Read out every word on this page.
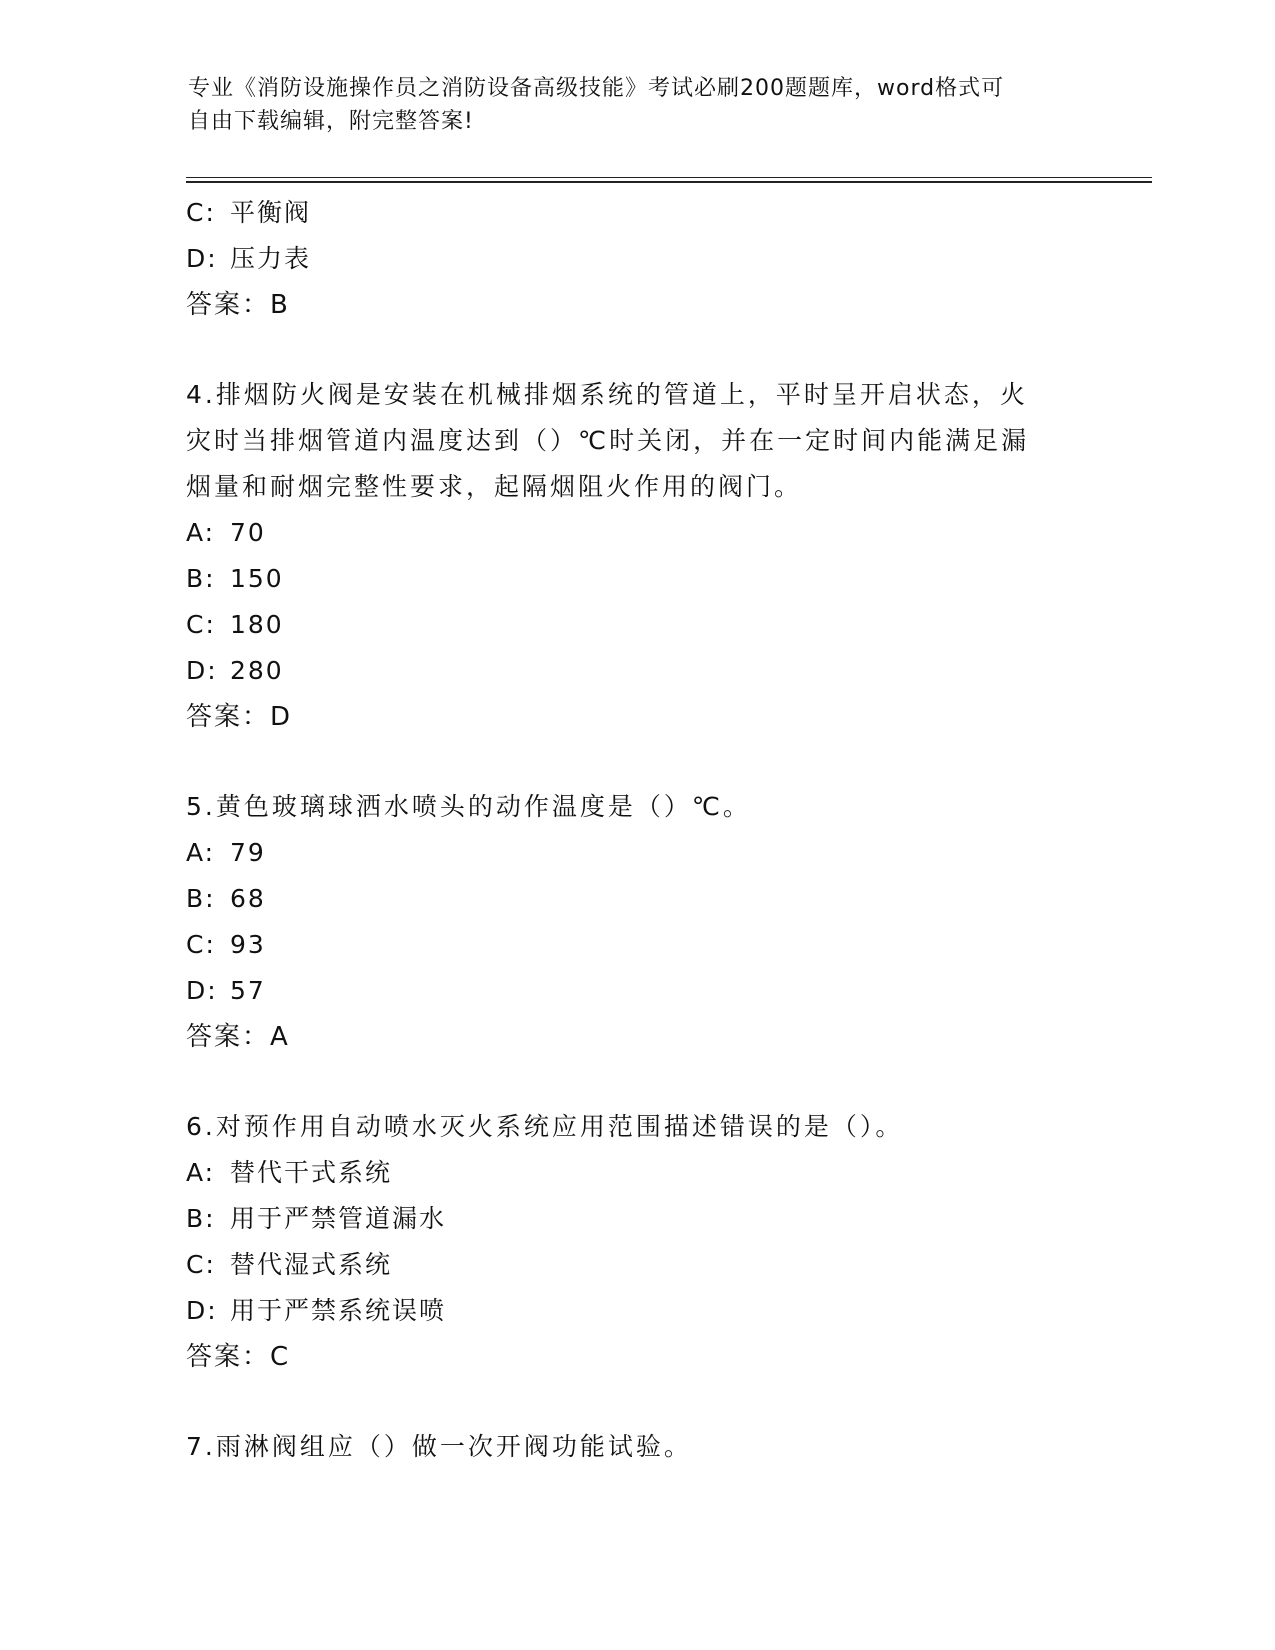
专业《消防设施操作员之消防设备高级技能》考试必刷200题题库，word格式可
自由下载编辑，附完整答案!
C: 平衡阀
D: 压力表
答案：B
4.排烟防火阀是安装在机械排烟系统的管道上，平时呈开启状态，火
灾时当排烟管道内温度达到（）℃时关闭，并在一定时间内能满足漏
烟量和耐烟完整性要求，起隔烟阻火作用的阀门。
A: 70
B: 150
C: 180
D: 280
答案：D
5.黄色玻璃球洒水喷头的动作温度是（）℃。
A: 79
B: 68
C: 93
D: 57
答案：A
6.对预作用自动喷水灭火系统应用范围描述错误的是（）。
A: 替代干式系统
B: 用于严禁管道漏水
C: 替代湿式系统
D: 用于严禁系统误喷
答案：C
7.雨淋阀组应（）做一次开阀功能试验。
